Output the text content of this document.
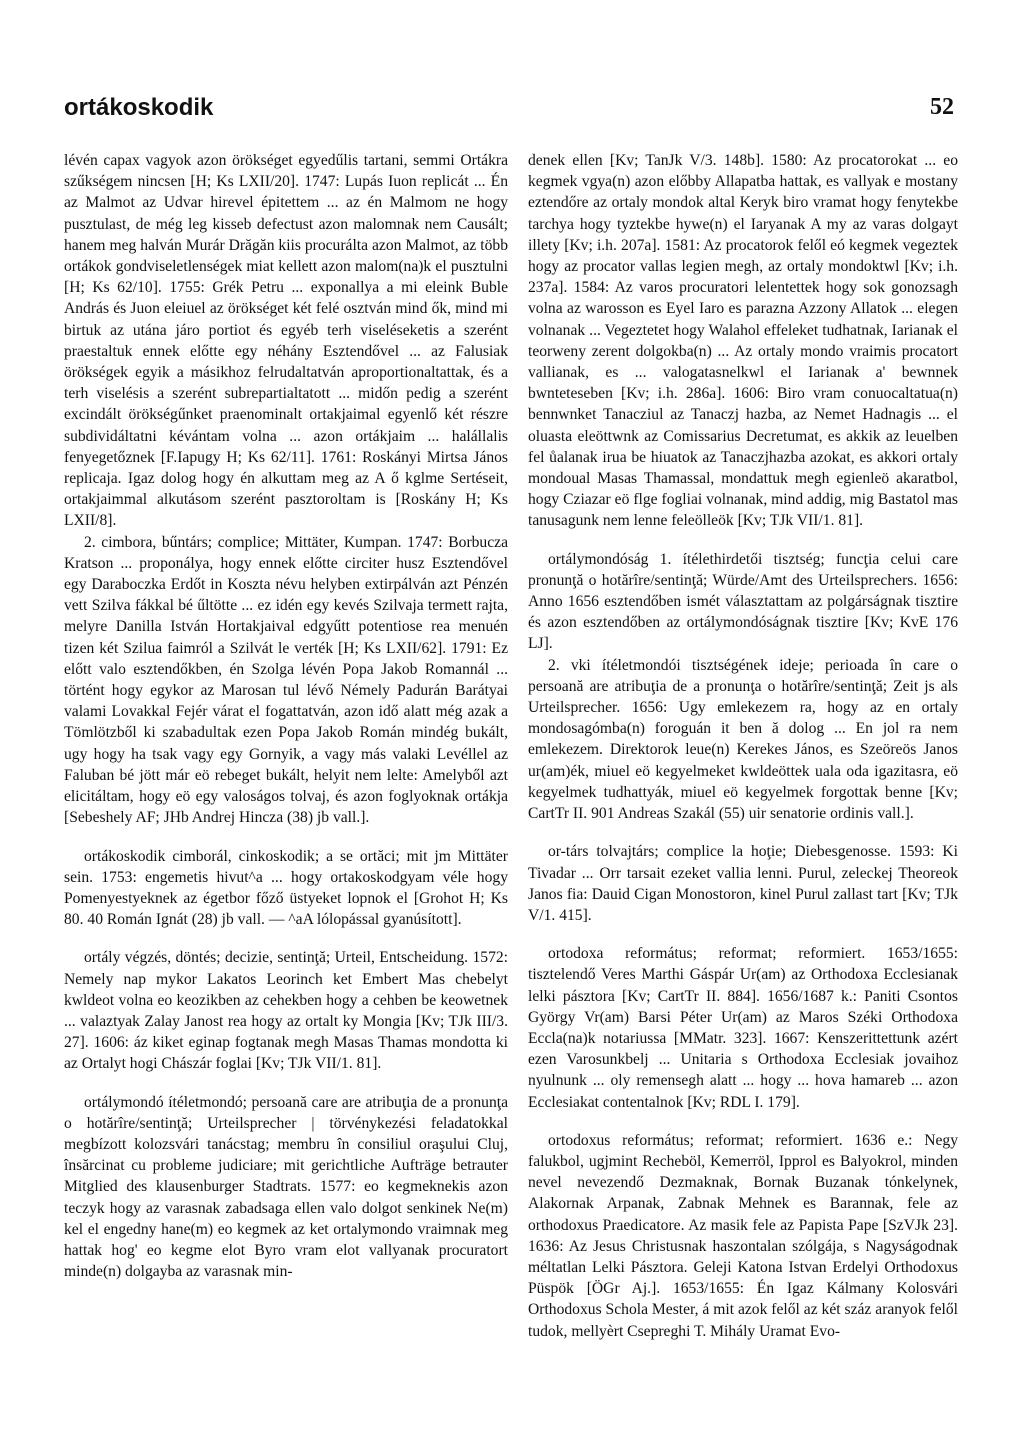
ortákoskodik	52

lévén capax vagyok azon örökséget egyedűlis tartani, semmi Ortákra szűkségem nincsen [H; Ks LXII/20]. 1747: Lupás Iuon replicát ... Én az Malmot az Udvar hirevel épitettem ... az én Malmom ne hogy pusztulast, de még leg kisseb defectust azon malomnak nem Causált; hanem meg halván Murár Drăgăn kiis procurálta azon Malmot, az több ortákok gondviseletlenségek miat kellett azon malom(na)k el pusztulni [H; Ks 62/10]. 1755: Grék Petru ... exponallya a mi eleink Buble András és Juon eleiuel az örökséget két felé osztván mind ők, mind mi birtuk az utána járo portiot és egyéb terh viseléseketis a szerént praestaltuk ennek előtte egy néhány Esztendővel ... az Falusiak örökségek egyik a másikhoz felrudaltatván aproportionaltattak, és a terh viselésis a szerént subrepartialtatott ... midőn pedig a szerént excindált örökségűnket praenominalt ortakjaimal egyenlő két részre subdividáltatni kévántam volna ... azon ortákjaim ... halállalis fenyegetőznek [F.Iapugy H; Ks 62/11]. 1761: Roskányi Mirtsa János replicaja. Igaz dolog hogy én alkuttam meg az A ő kglme Sertéseit, ortakjaimmal alkutásom szerént pasztoroltam is [Roskány H; Ks LXII/8].

2. cimbora, bűntárs; complice; Mittäter, Kumpan. 1747: Borbucza Kratson ... proponálya, hogy ennek előtte circiter husz Esztendővel egy Daraboczka Erdőt in Koszta névu helyben extirpálván azt Pénzén vett Szilva fákkal bé űltötte ... ez idén egy kevés Szilvaja termett rajta, melyre Danilla István Hortakjaival edgyűtt potentiose rea menuén tizen két Szilua faimról a Szilvát le verték [H; Ks LXII/62]. 1791: Ez előtt valo esztendőkben, én Szolga lévén Popa Jakob Romannál ... történt hogy egykor az Marosan tul lévő Némely Padurán Barátyai valami Lovakkal Fejér várat el fogattatván, azon idő alatt még azak a Tömlötzből ki szabadultak ezen Popa Jakob Román mindég bukált, ugy hogy ha tsak vagy egy Gornyik, a vagy más valaki Levéllel az Faluban bé jött már eö rebeget bukált, helyit nem lelte: Amelyből azt elicitáltam, hogy eö egy valoságos tolvaj, és azon foglyoknak ortákja [Sebeshely AF; JHb Andrej Hincza (38) jb vall.].

ortákoskodik cimborál, cinkoskodik; a se ortăci; mit jm Mittäter sein. 1753: engemetis hivut^a ... hogy ortakoskodgyam véle hogy Pomenyestyeknek az égetbor főző üstyeket lopnok el [Grohot H; Ks 80. 40 Román Ignát (28) jb vall. — ^aA lólopással gyanúsított].

ortály végzés, döntés; decizie, sentinţă; Urteil, Entscheidung. 1572: Nemely nap mykor Lakatos Leorinch ket Embert Mas chebelyt kwldeot volna eo keozikben az cehekben hogy a cehben be keowetnek ... valaztyak Zalay Janost rea hogy az ortalt ky Mongia [Kv; TJk III/3. 27]. 1606: áz kiket eginap fogtanak megh Masas Thamas mondotta ki az Ortalyt hogi Chászár foglai [Kv; TJk VII/1. 81].

ortálymondó ítéletmondó; persoană care are atribuţia de a pronunţa o hotărîre/sentinţă; Urteilsprecher | törvénykezési feladatokkal megbízott kolozsvári tanácstag; membru în consiliul oraşului Cluj, însărcinat cu probleme judiciare; mit gerichtliche Aufträge betrauter Mitglied des klausenburger Stadtrats. 1577: eo kegmeknekis azon teczyk hogy az varasnak zabadsaga ellen valo dolgot senkinek Ne(m) kel el engedny hane(m) eo kegmek az ket ortalymondo vraimnak meg hattak hog' eo kegme elot Byro vram elot vallyanak procuratort minde(n) dolgayba az varasnak min-

denek ellen [Kv; TanJk V/3. 148b]. 1580: Az procatorokat ... eo kegmek vgya(n) azon előbby Allapatba hattak, es vallyak e mostany eztendőre az ortaly mondok altal Keryk biro vramat hogy fenytekbe tarchya hogy tyztekbe hywe(n) el Iaryanak A my az varas dolgayt illety [Kv; i.h. 207a]. 1581: Az procatorok felől eó kegmek vegeztek hogy az procator vallas legien megh, az ortaly mondoktwl [Kv; i.h. 237a]. 1584: Az varos procuratori lelentettek hogy sok gonozsagh volna az warosson es Eyel Iaro es parazna Azzony Allatok ... elegen volnanak ... Vegeztetet hogy Walahol effeleket tudhatnak, Iarianak el teorweny zerent dolgokba(n) ... Az ortaly mondo vraimis procatort vallianak, es ... valogatasnelkwl el Iarianak a' bewnnek bwnteteseben [Kv; i.h. 286a]. 1606: Biro vram conuocaltatua(n) bennwnket Tanacziul az Tanaczj hazba, az Nemet Hadnagis ... el oluasta eleöttwnk az Comissarius Decretumat, es akkik az leuelben fel ůalanak irua be hiuatok az Tanaczjhazba azokat, es akkori ortaly mondoual Masas Thamassal, mondattuk megh egienleö akaratbol, hogy Cziazar eö flge fogliai volnanak, mind addig, mig Bastatol mas tanusagunk nem lenne feleöllеök [Kv; TJk VII/1. 81].

ortálymondóság 1. ítélethirdetői tisztség; funcţia celui care pronunţă o hotărîre/sentinţă; Würde/Amt des Urteilsprechers. 1656: Anno 1656 esztendőben ismét választattam az polgárságnak tisztire és azon esztendőben az ortálymondóságnak tisztire [Kv; KvE 176 LJ].

2. vki ítéletmondói tisztségének ideje; perioada în care o persoană are atribuţia de a pronunţa o hotărîre/sentinţă; Zeit js als Urteilsprecher. 1656: Ugy emlekezem ra, hogy az en ortaly mondosagómba(n) foroguán it ben ă dolog ... En jol ra nem emlekezem. Direktorok leue(n) Kerekes János, es Szeöreös Janos ur(am)ék, miuel eö kegyelmeket kwldeöttek uala oda igazitasra, eö kegyelmek tudhattyák, miuel eö kegyelmek forgottak benne [Kv; CartTr II. 901 Andreas Szakál (55) uir senatorie ordinis vall.].

or-társ tolvajtárs; complice la hoţie; Diebesgenosse. 1593: Ki Tivadar ... Orr tarsait ezeket vallia lenni. Purul, zeleckej Theoreok Janos fia: Dauid Cigan Monostoron, kinel Purul zallast tart [Kv; TJk V/1. 415].

ortodoxa református; reformat; reformiert. 1653/1655: tisztelendő Veres Marthi Gáspár Ur(am) az Orthodoxa Ecclesianak lelki pásztora [Kv; CartTr II. 884]. 1656/1687 k.: Paniti Csontos György Vr(am) Barsi Péter Ur(am) az Maros Széki Orthodoxa Eccla(na)k notariussa [MMatr. 323]. 1667: Kenszerittettunk azért ezen Varosunkbelj ... Unitaria s Orthodoxa Ecclesiak jovaihoz nyulnunk ... oly remensegh alatt ... hogy ... hova hamareb ... azon Ecclesiakat contentalnok [Kv; RDL I. 179].

ortodoxus református; reformat; reformiert. 1636 e.: Negy falukbol, ugjmint Recheböl, Kemerröl, Ipprol es Balyokrol, minden nevel nevezendő Dezmaknak, Bornak Buzanak tónkelynek, Alakornak Arpanak, Zabnak Mehnek es Barannak, fele az orthodoxus Praedicatore. Az masik fele az Papista Pape [SzVJk 23]. 1636: Az Jesus Christusnak haszontalan szólgája, s Nagyságodnak méltatlan Lelki Pásztora. Geleji Katona Istvan Erdelyi Orthodoxus Püspök [ÖGr Aj.]. 1653/1655: Én Igaz Kálmany Kolosvári Orthodoxus Schola Mester, á mit azok felől az két száz aranyok felől tudok, mellyèrt Csepreghi T. Mihály Uramat Evo-
